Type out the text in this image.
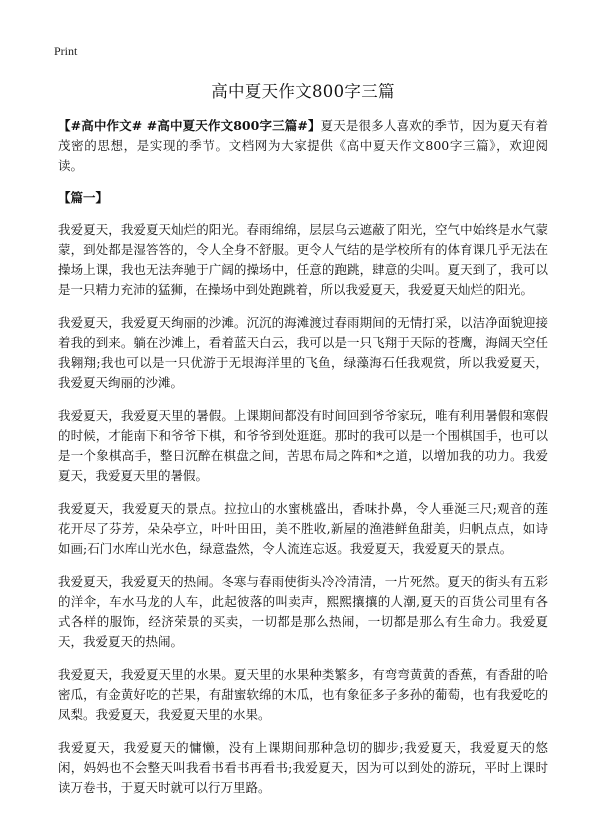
Print
高中夏天作文800字三篇

【#高中作文# #高中夏天作文800字三篇#】夏天是很多人喜欢的季节，因为夏天有着茂密的思想，是实现的季节。文档网为大家提供《高中夏天作文800字三篇》，欢迎阅读。

【篇一】

我爱夏天，我爱夏天灿烂的阳光。春雨绵绵，层层乌云遮蔽了阳光，空气中始终是水气蒙蒙，到处都是湿答答的，令人全身不舒服。更令人气结的是学校所有的体育课几乎无法在操场上课，我也无法奔驰于广阔的操场中，任意的跑跳，肆意的尖叫。夏天到了，我可以是一只精力充沛的猛狮，在操场中到处跑跳着，所以我爱夏天，我爱夏天灿烂的阳光。

我爱夏天，我爱夏天绚丽的沙滩。沉沉的海滩渡过春雨期间的无情打采，以洁净面貌迎接着我的到来。躺在沙滩上，看着蓝天白云，我可以是一只飞翔于天际的苍鹰，海阔天空任我翱翔;我也可以是一只优游于无垠海洋里的飞鱼，绿藻海石任我观赏，所以我爱夏天，我爱夏天绚丽的沙滩。

我爱夏天，我爱夏天里的暑假。上课期间都没有时间回到爷爷家玩，唯有利用暑假和寒假的时候，才能南下和爷爷下棋，和爷爷到处逛逛。那时的我可以是一个围棋国手，也可以是一个象棋高手，整日沉醉在棋盘之间，苦思布局之阵和*之道，以增加我的功力。我爱夏天，我爱夏天里的暑假。

我爱夏天，我爱夏天的景点。拉拉山的水蜜桃盛出，香味扑鼻，令人垂涎三尺;观音的莲花开尽了芬芳，朵朵亭立，叶叶田田，美不胜收,新屋的渔港鲜鱼甜美，归帆点点，如诗如画;石门水库山光水色，绿意盎然，令人流连忘返。我爱夏天，我爱夏天的景点。

我爱夏天，我爱夏天的热闹。冬寒与春雨使街头冷冷清清，一片死然。夏天的街头有五彩的洋伞，车水马龙的人车，此起彼落的叫卖声，熙熙攘攘的人潮,夏天的百货公司里有各式各样的服饰，经济荣景的买卖，一切都是那么热闹，一切都是那么有生命力。我爱夏天，我爱夏天的热闹。

我爱夏天，我爱夏天里的水果。夏天里的水果种类繁多，有弯弯黄黄的香蕉，有香甜的哈密瓜，有金黄好吃的芒果，有甜蜜软绵的木瓜，也有象征多子多孙的葡萄，也有我爱吃的凤梨。我爱夏天，我爱夏天里的水果。

我爱夏天，我爱夏天的慵懒，没有上课期间那种急切的脚步;我爱夏天，我爱夏天的悠闲，妈妈也不会整天叫我看书看书再看书;我爱夏天，因为可以到处的游玩，平时上课时读万卷书，于夏天时就可以行万里路。
